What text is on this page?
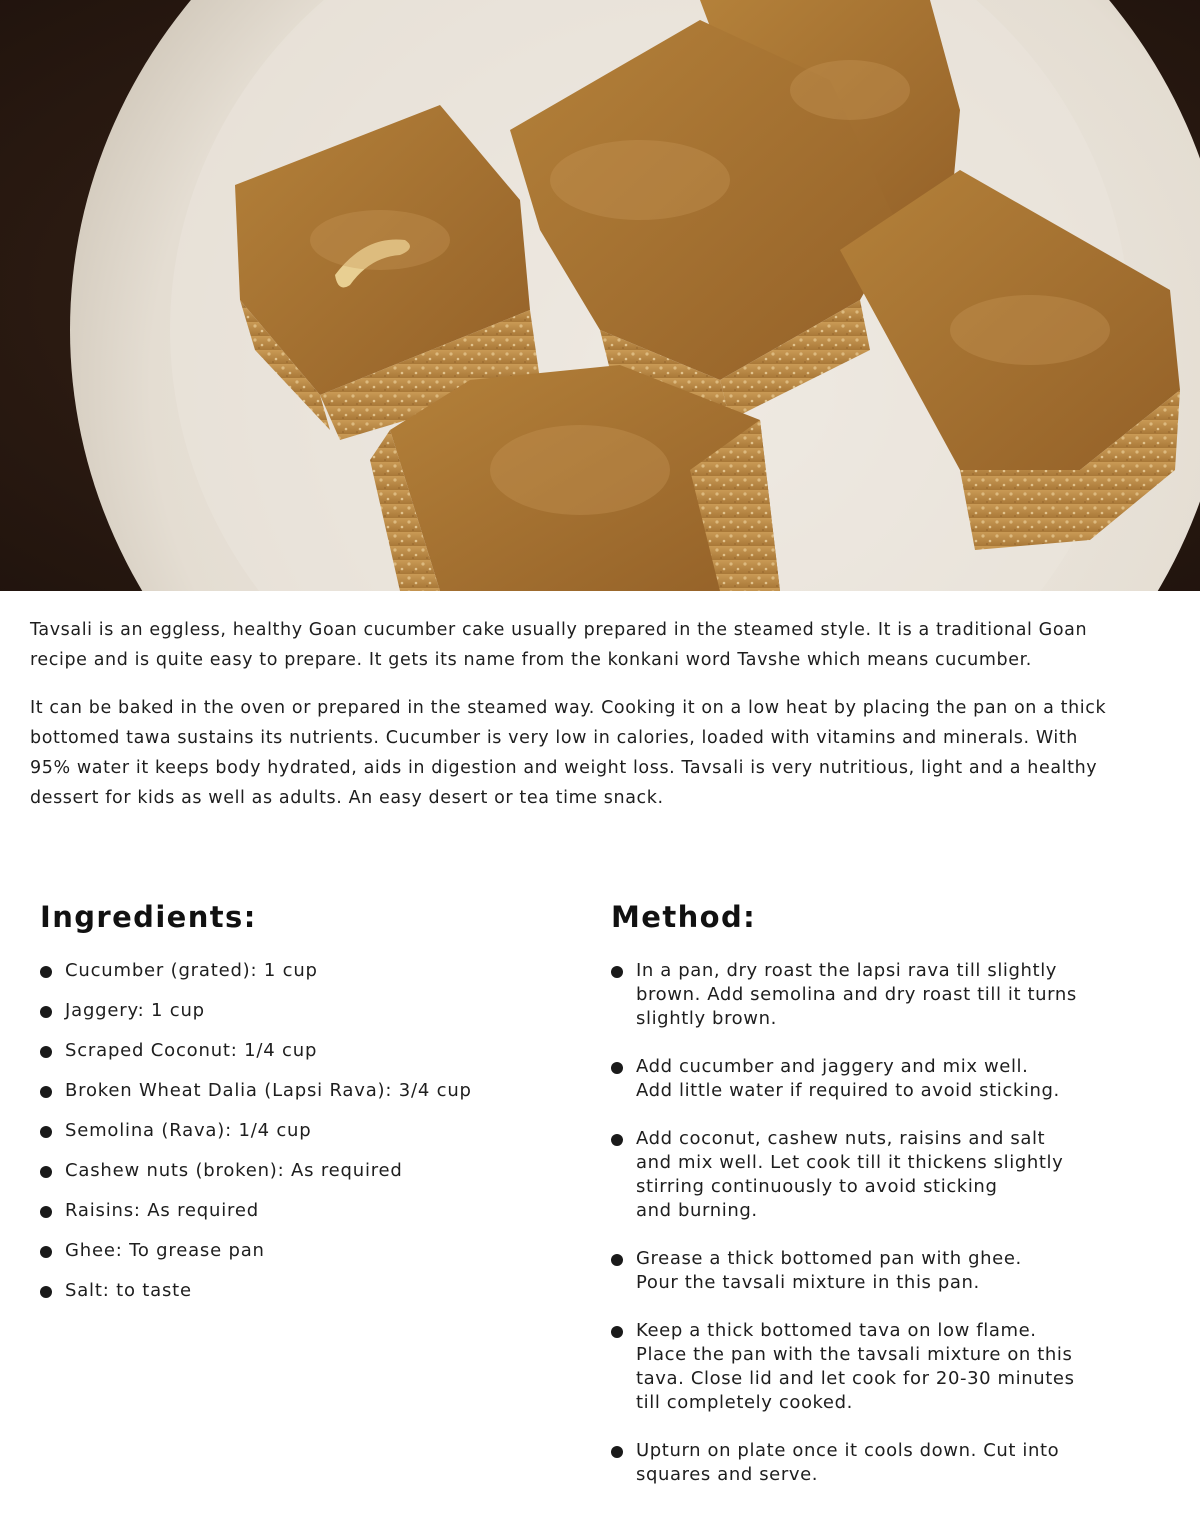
Tavsali is an eggless, healthy Goan cucumber cake usually prepared in the steamed style. It is a traditional Goan recipe and is quite easy to prepare. It gets its name from the konkani word Tavshe which means cucumber.

It can be baked in the oven or prepared in the steamed way. Cooking it on a low heat by placing the pan on a thick bottomed tawa sustains its nutrients. Cucumber is very low in calories, loaded with vitamins and minerals. With 95% water it keeps body hydrated, aids in digestion and weight loss. Tavsali is very nutritious, light and a healthy dessert for kids as well as adults. An easy desert or tea time snack.

Ingredients:
Cucumber (grated): 1 cup
Jaggery: 1 cup
Scraped Coconut: 1/4 cup
Broken Wheat Dalia (Lapsi Rava): 3/4 cup
Semolina (Rava): 1/4 cup
Cashew nuts (broken): As required
Raisins: As required
Ghee: To grease pan
Salt: to taste
Method:
In a pan, dry roast the lapsi rava till slightly
brown. Add semolina and dry roast till it turns
slightly brown.
Add cucumber and jaggery and mix well.
Add little water if required to avoid sticking.
Add coconut, cashew nuts, raisins and salt
and mix well. Let cook till it thickens slightly
stirring continuously to avoid sticking
and burning.
Grease a thick bottomed pan with ghee.
Pour the tavsali mixture in this pan.
Keep a thick bottomed tava on low flame.
Place the pan with the tavsali mixture on this
tava. Close lid and let cook for 20-30 minutes
till completely cooked.
Upturn on plate once it cools down. Cut into
squares and serve.
